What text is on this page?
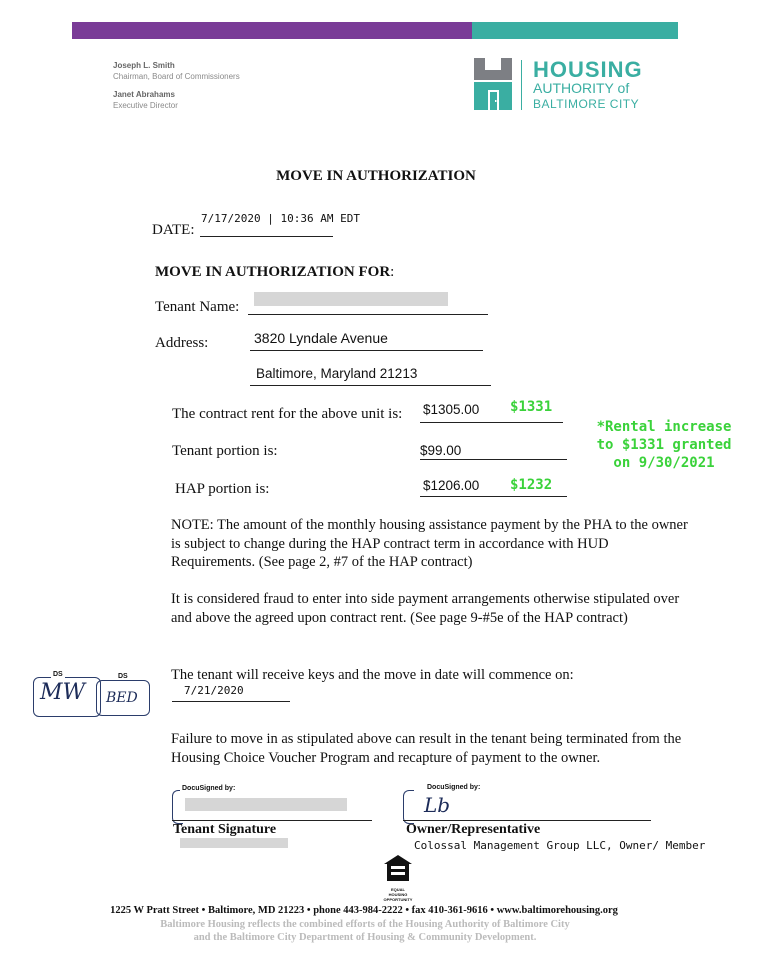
Joseph L. Smith
Chairman, Board of Commissioners
Janet Abrahams
Executive Director
HOUSING
AUTHORITY of
BALTIMORE CITY
MOVE IN AUTHORIZATION
DATE:
7/17/2020 | 10:36 AM EDT
MOVE IN AUTHORIZATION FOR:
Tenant Name:
Address:	3820 Lyndale Avenue
Baltimore, Maryland 21213
The contract rent for the above unit is: $1305.00 $1331
*Rental increase
to $1331 granted
on 9/30/2021
Tenant portion is:	$99.00
HAP portion is:	$1206.00 $1232
NOTE: The amount of the monthly housing assistance payment by the PHA to the owner is subject to change during the HAP contract term in accordance with HUD Requirements. (See page 2, #7 of the HAP contract)
It is considered fraud to enter into side payment arrangements otherwise stipulated over and above the agreed upon contract rent. (See page 9-#5e of the HAP contract)
The tenant will receive keys and the move in date will commence on:
7/21/2020
Failure to move in as stipulated above can result in the tenant being terminated from the Housing Choice Voucher Program and recapture of payment to the owner.
DS
MW
DS
BED
DocuSigned by:
Tenant Signature
DocuSigned by:
Lb
Owner/Representative
Colossal Management Group LLC, Owner/ Member
EQUAL HOUSING OPPORTUNITY
1225 W Pratt Street • Baltimore, MD 21223 • phone 443-984-2222 • fax 410-361-9616 • www.baltimorehousing.org
Baltimore Housing reflects the combined efforts of the Housing Authority of Baltimore City
and the Baltimore City Department of Housing & Community Development.
